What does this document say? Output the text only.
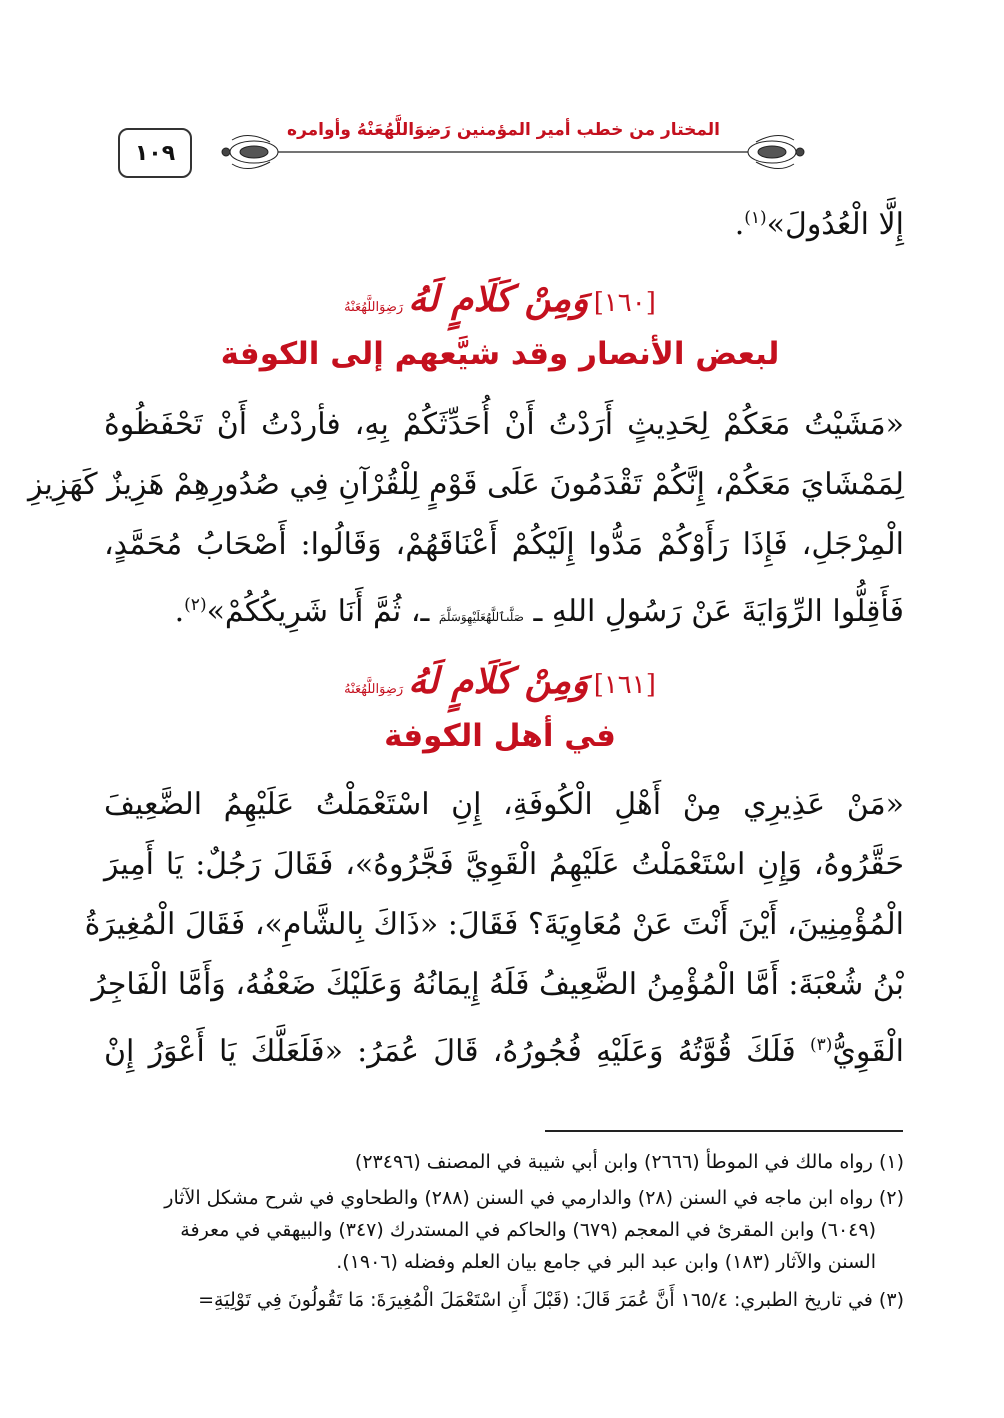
١٠٩
المختار من خطب أمير المؤمنين رَضِوَاللَّهُعَنْهُ وأوامره
إِلَّا الْعُدُولَ»$^{(١)}$.
[١٦٠] وَمِنْ كَلَامٍ لَهُ رَضِوَاللَّهُعَنْهُ
لبعض الأنصار وقد شيَّعهم إلى الكوفة
«مَشَيْتُ مَعَكُمْ لِحَدِيثٍ أَرَدْتُ أَنْ أُحَدِّثَكُمْ بِهِ، فأردْتُ أَنْ تَحْفَظُوهُ
لِمَمْشَايَ مَعَكُمْ، إِنَّكُمْ تَقْدَمُونَ عَلَى قَوْمٍ لِلْقُرْآنِ فِي صُدُورِهِمْ هَزِيزٌ كَهَزِيزِ
الْمِرْجَلِ، فَإِذَا رَأَوْكُمْ مَدُّوا إِلَيْكُمْ أَعْنَاقَهُمْ، وَقَالُوا: أَصْحَابُ مُحَمَّدٍ،
فَأَقِلُّوا الرِّوَايَةَ عَنْ رَسُولِ اللهِ ـ صَلَّىٱللَّهُعَلَيْهِوَسَلَّمَ ـ، ثُمَّ أَنَا شَرِيكُكُمْ»$^{(٢)}$.
[١٦١] وَمِنْ كَلَامٍ لَهُ رَضِوَاللَّهُعَنْهُ
في أهل الكوفة
«مَنْ عَذِيرِي مِنْ أَهْلِ الْكُوفَةِ، إِنِ اسْتَعْمَلْتُ عَلَيْهِمُ الضَّعِيفَ
حَقَّرُوهُ، وَإِنِ اسْتَعْمَلْتُ عَلَيْهِمُ الْقَوِيَّ فَجَّرُوهُ»، فَقَالَ رَجُلٌ: يَا أَمِيرَ
الْمُؤْمِنِينَ، أَيْنَ أَنْتَ عَنْ مُعَاوِيَةَ؟ فَقَالَ: «ذَاكَ بِالشَّامِ»، فَقَالَ الْمُغِيرَةُ
بْنُ شُعْبَةَ: أَمَّا الْمُؤْمِنُ الضَّعِيفُ فَلَهُ إِيمَانُهُ وَعَلَيْكَ ضَعْفُهُ، وَأَمَّا الْفَاجِرُ
الْقَوِيُّ$^{(٣)}$ فَلَكَ قُوَّتُهُ وَعَلَيْهِ فُجُورُهُ، قَالَ عُمَرُ: «فَلَعَلَّكَ يَا أَعْوَرُ إِنْ
(١) رواه مالك في الموطأ (٢٦٦٦) وابن أبي شيبة في المصنف (٢٣٤٩٦)
(٢) رواه ابن ماجه في السنن (٢٨) والدارمي في السنن (٢٨٨) والطحاوي في شرح مشكل الآثار
(٦٠٤٩) وابن المقرئ في المعجم (٦٧٩) والحاكم في المستدرك (٣٤٧) والبيهقي في معرفة
السنن والآثار (١٨٣) وابن عبد البر في جامع بيان العلم وفضله (١٩٠٦).
(٣) في تاريخ الطبري: ١٦٥/٤ أَنَّ عُمَرَ قَالَ: (قَبْلَ أَنِ اسْتَعْمَلَ الْمُغِيرَةَ: مَا تَقُولُونَ فِي تَوْلِيَةِ=
